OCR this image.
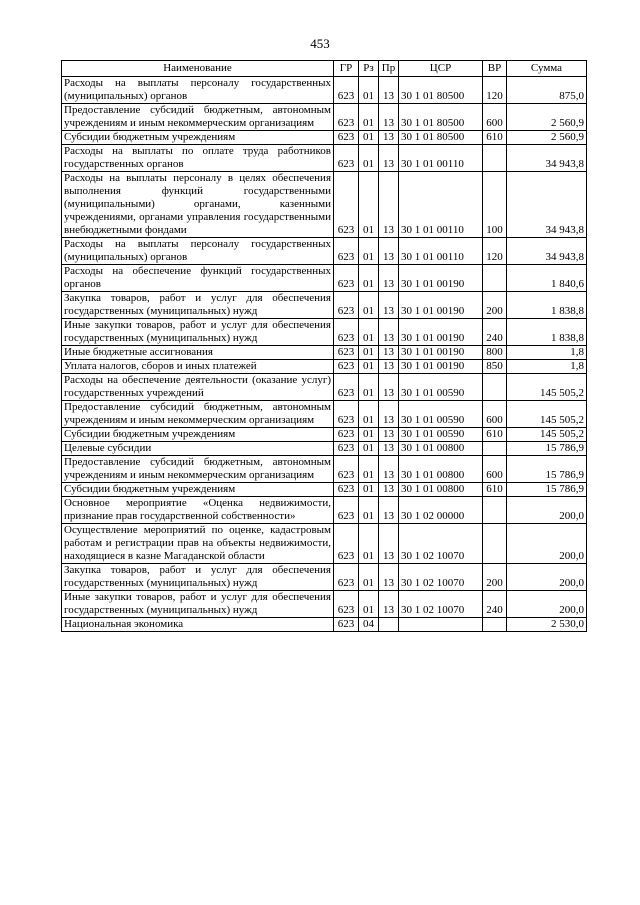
453
Наименование	ГР	Рз	Пр	ЦСР	ВР	Сумма
Расходы на выплаты персоналу государственных (муниципальных) органов	623	01	13	30 1 01 80500	120	875,0
Предоставление субсидий бюджетным, автономным учреждениям и иным некоммерческим организациям	623	01	13	30 1 01 80500	600	2 560,9
Субсидии бюджетным учреждениям	623	01	13	30 1 01 80500	610	2 560,9
Расходы на выплаты по оплате труда работников государственных органов	623	01	13	30 1 01 00110		34 943,8
Расходы на выплаты персоналу в целях обеспечения выполнения функций государственными (муниципальными) органами, казенными учреждениями, органами управления государственными внебюджетными фондами	623	01	13	30 1 01 00110	100	34 943,8
Расходы на выплаты персоналу государственных (муниципальных) органов	623	01	13	30 1 01 00110	120	34 943,8
Расходы на обеспечение функций государственных органов	623	01	13	30 1 01 00190		1 840,6
Закупка товаров, работ и услуг для обеспечения государственных (муниципальных) нужд	623	01	13	30 1 01 00190	200	1 838,8
Иные закупки товаров, работ и услуг для обеспечения государственных (муниципальных) нужд	623	01	13	30 1 01 00190	240	1 838,8
Иные бюджетные ассигнования	623	01	13	30 1 01 00190	800	1,8
Уплата налогов, сборов и иных платежей	623	01	13	30 1 01 00190	850	1,8
Расходы на обеспечение деятельности (оказание услуг) государственных учреждений	623	01	13	30 1 01 00590		145 505,2
Предоставление субсидий бюджетным, автономным учреждениям и иным некоммерческим организациям	623	01	13	30 1 01 00590	600	145 505,2
Субсидии бюджетным учреждениям	623	01	13	30 1 01 00590	610	145 505,2
Целевые субсидии	623	01	13	30 1 01 00800		15 786,9
Предоставление субсидий бюджетным, автономным учреждениям и иным некоммерческим организациям	623	01	13	30 1 01 00800	600	15 786,9
Субсидии бюджетным учреждениям	623	01	13	30 1 01 00800	610	15 786,9
Основное мероприятие «Оценка недвижимости, признание прав государственной собственности»	623	01	13	30 1 02 00000		200,0
Осуществление мероприятий по оценке, кадастровым работам и регистрации прав на объекты недвижимости, находящиеся в казне Магаданской области	623	01	13	30 1 02 10070		200,0
Закупка товаров, работ и услуг для обеспечения государственных (муниципальных) нужд	623	01	13	30 1 02 10070	200	200,0
Иные закупки товаров, работ и услуг для обеспечения государственных (муниципальных) нужд	623	01	13	30 1 02 10070	240	200,0
Национальная экономика	623	04				2 530,0
